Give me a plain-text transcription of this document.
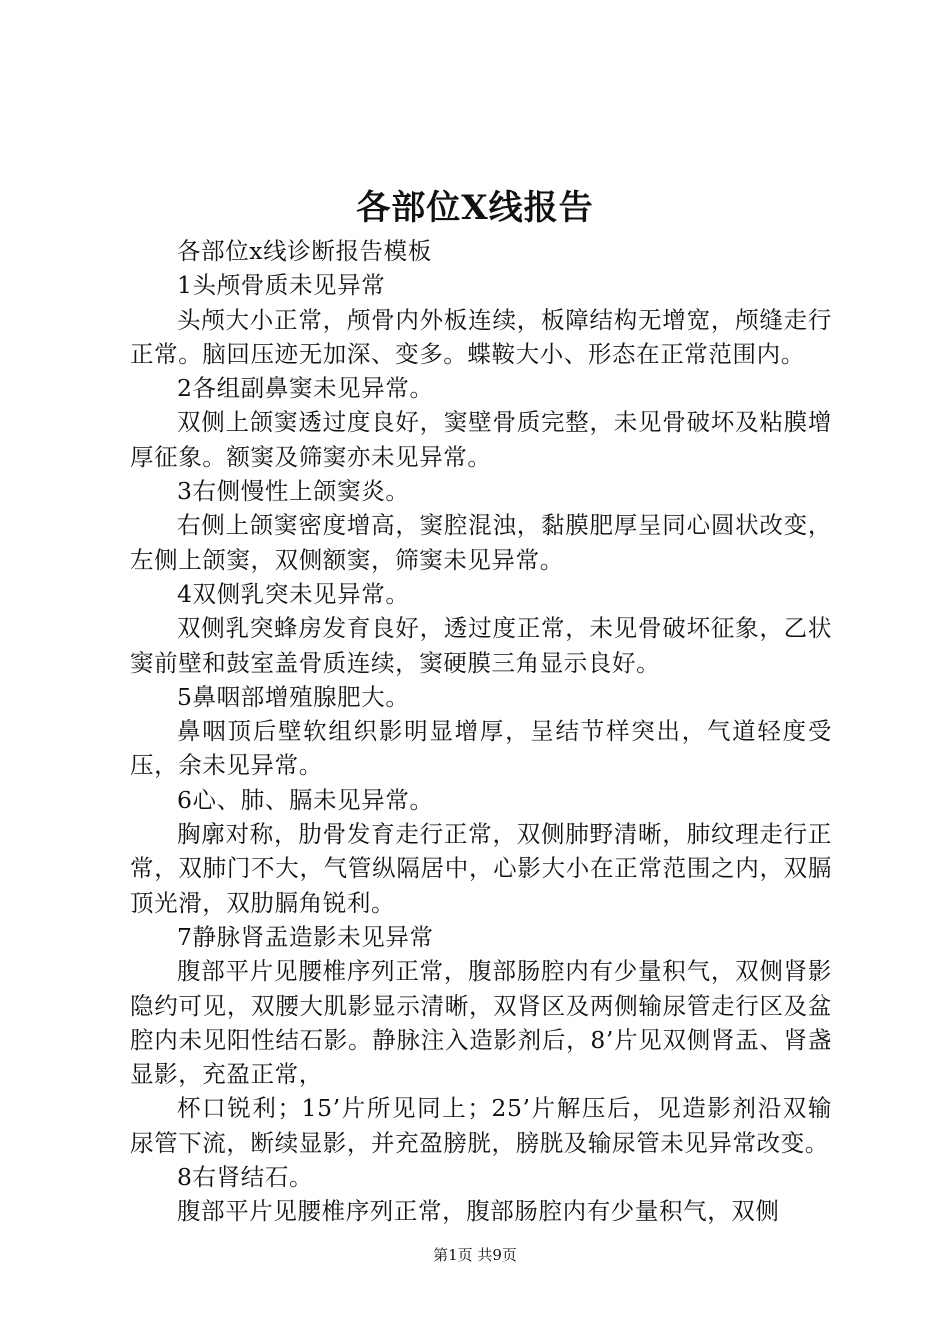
各部位X线报告

各部位x线诊断报告模板

1头颅骨质未见异常

头颅大小正常，颅骨内外板连续，板障结构无增宽，颅缝走行正常。脑回压迹无加深、变多。蝶鞍大小、形态在正常范围内。

2各组副鼻窦未见异常。

双侧上颌窦透过度良好，窦壁骨质完整，未见骨破坏及粘膜增厚征象。额窦及筛窦亦未见异常。

3右侧慢性上颌窦炎。

右侧上颌窦密度增高，窦腔混浊，黏膜肥厚呈同心圆状改变，左侧上颌窦，双侧额窦，筛窦未见异常。

4双侧乳突未见异常。

双侧乳突蜂房发育良好，透过度正常，未见骨破坏征象，乙状窦前壁和鼓室盖骨质连续，窦硬膜三角显示良好。

5鼻咽部增殖腺肥大。

鼻咽顶后壁软组织影明显增厚，呈结节样突出，气道轻度受压，余未见异常。

6心、肺、膈未见异常。

胸廓对称，肋骨发育走行正常，双侧肺野清晰，肺纹理走行正常，双肺门不大，气管纵隔居中，心影大小在正常范围之内，双膈顶光滑，双肋膈角锐利。

7静脉肾盂造影未见异常

腹部平片见腰椎序列正常，腹部肠腔内有少量积气，双侧肾影隐约可见，双腰大肌影显示清晰，双肾区及两侧输尿管走行区及盆腔内未见阳性结石影。静脉注入造影剂后，8’片见双侧肾盂、肾盏显影，充盈正常，

杯口锐利；15’片所见同上；25’片解压后，见造影剂沿双输尿管下流，断续显影，并充盈膀胱，膀胱及输尿管未见异常改变。

8右肾结石。

腹部平片见腰椎序列正常，腹部肠腔内有少量积气，双侧

第1页 共9页
